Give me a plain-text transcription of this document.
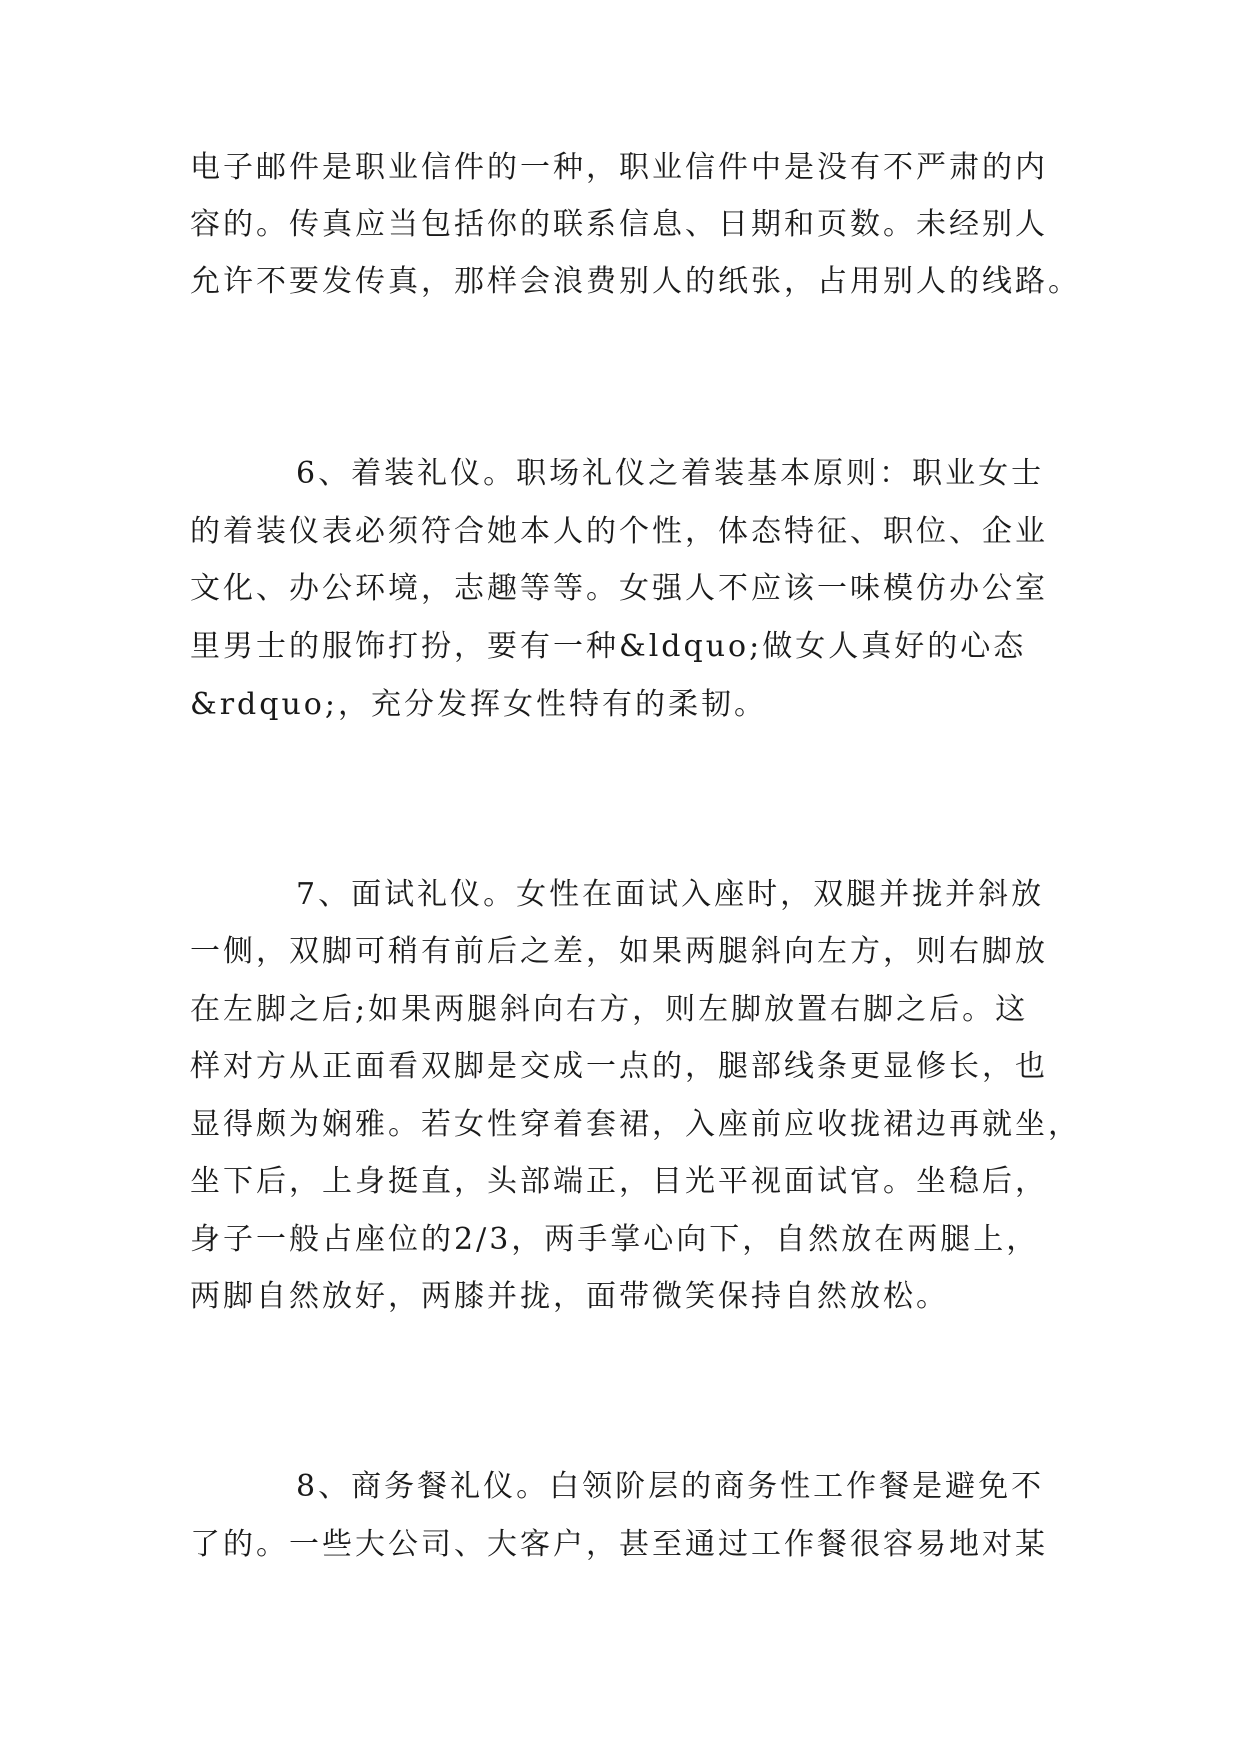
电子邮件是职业信件的一种，职业信件中是没有不严肃的内
容的。传真应当包括你的联系信息、日期和页数。未经别人
允许不要发传真，那样会浪费别人的纸张，占用别人的线路。
6、着装礼仪。职场礼仪之着装基本原则：职业女士
的着装仪表必须符合她本人的个性，体态特征、职位、企业
文化、办公环境，志趣等等。女强人不应该一味模仿办公室
里男士的服饰打扮，要有一种&ldquo;做女人真好的心态
&rdquo;，充分发挥女性特有的柔韧。
7、面试礼仪。女性在面试入座时，双腿并拢并斜放
一侧，双脚可稍有前后之差，如果两腿斜向左方，则右脚放
在左脚之后;如果两腿斜向右方，则左脚放置右脚之后。这
样对方从正面看双脚是交成一点的，腿部线条更显修长，也
显得颇为娴雅。若女性穿着套裙，入座前应收拢裙边再就坐，
坐下后，上身挺直，头部端正，目光平视面试官。坐稳后，
身子一般占座位的2/3，两手掌心向下，自然放在两腿上，
两脚自然放好，两膝并拢，面带微笑保持自然放松。
8、商务餐礼仪。白领阶层的商务性工作餐是避免不
了的。一些大公司、大客户，甚至通过工作餐很容易地对某
